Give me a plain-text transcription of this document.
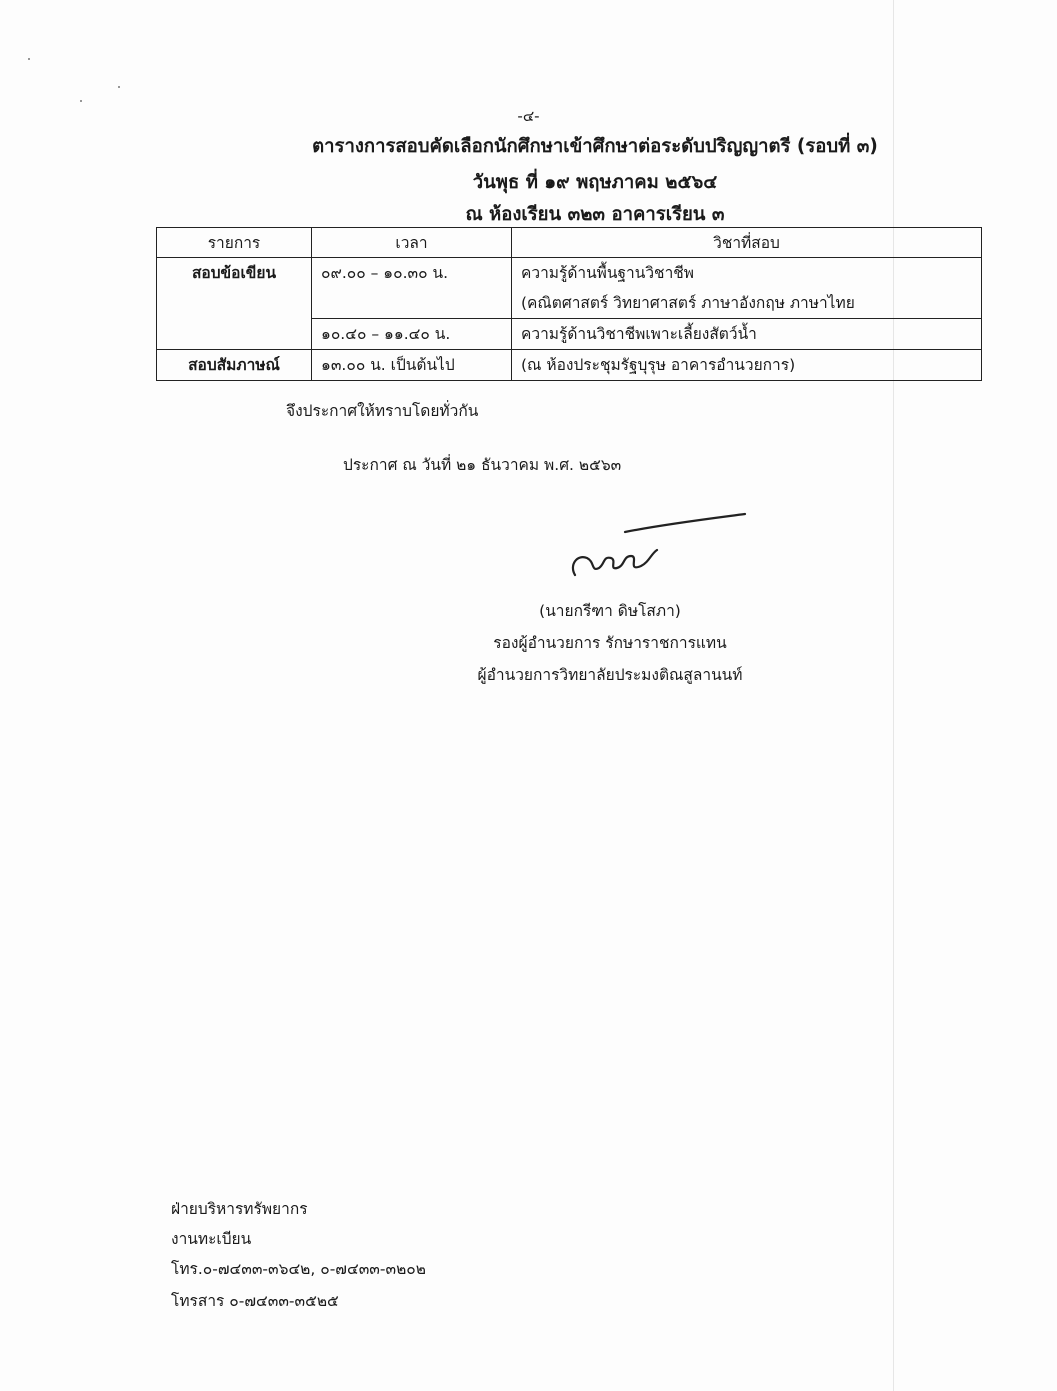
-๔-
ตารางการสอบคัดเลือกนักศึกษาเข้าศึกษาต่อระดับปริญญาตรี (รอบที่ ๓)
วันพุธ ที่ ๑๙ พฤษภาคม ๒๕๖๔
ณ ห้องเรียน ๓๒๓ อาคารเรียน ๓
รายการ	เวลา	วิชาที่สอบ

สอบข้อเขียน	๐๙.๐๐ – ๑๐.๓๐ น.	ความรู้ด้านพื้นฐานวิชาชีพ
(คณิตศาสตร์ วิทยาศาสตร์ ภาษาอังกฤษ ภาษาไทย

	๑๐.๔๐ – ๑๑.๔๐ น.	ความรู้ด้านวิชาชีพเพาะเลี้ยงสัตว์น้ำ

สอบสัมภาษณ์	๑๓.๐๐ น. เป็นต้นไป	(ณ ห้องประชุมรัฐบุรุษ อาคารอำนวยการ)
จึงประกาศให้ทราบโดยทั่วกัน
ประกาศ ณ วันที่ ๒๑ ธันวาคม พ.ศ. ๒๕๖๓
(นายกรีฑา ดิษโสภา)
รองผู้อำนวยการ รักษาราชการแทน
ผู้อำนวยการวิทยาลัยประมงติณสูลานนท์
ฝ่ายบริหารทรัพยากร
งานทะเบียน
โทร.๐-๗๔๓๓-๓๖๔๒, ๐-๗๔๓๓-๓๒๐๒
โทรสาร ๐-๗๔๓๓-๓๕๒๕
